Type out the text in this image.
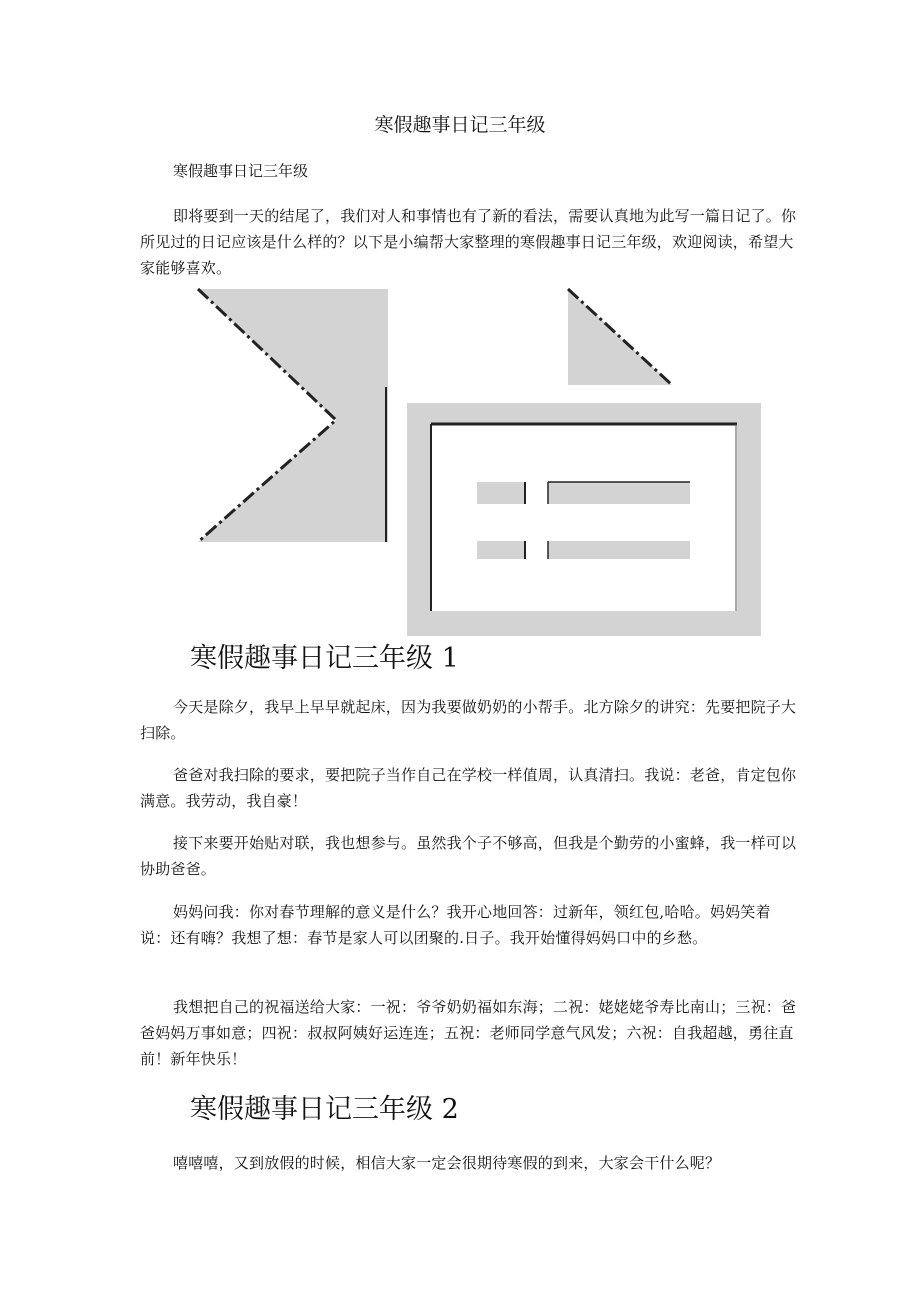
寒假趣事日记三年级
寒假趣事日记三年级

即将要到一天的结尾了，我们对人和事情也有了新的看法，需要认真地为此写一篇日记了。你所见过的日记应该是什么样的？以下是小编帮大家整理的寒假趣事日记三年级，欢迎阅读，希望大家能够喜欢。

寒假趣事日记三年级 1

今天是除夕，我早上早早就起床，因为我要做奶奶的小帮手。北方除夕的讲究：先要把院子大扫除。

爸爸对我扫除的要求，要把院子当作自己在学校一样值周，认真清扫。我说：老爸，肯定包你满意。我劳动，我自豪！

接下来要开始贴对联，我也想参与。虽然我个子不够高，但我是个勤劳的小蜜蜂，我一样可以协助爸爸。

妈妈问我：你对春节理解的意义是什么？我开心地回答：过新年，领红包,哈哈。妈妈笑着说：还有嗨？我想了想：春节是家人可以团聚的.日子。我开始懂得妈妈口中的乡愁。

我想把自己的祝福送给大家：一祝：爷爷奶奶福如东海；二祝：姥姥姥爷寿比南山；三祝：爸爸妈妈万事如意；四祝：叔叔阿姨好运连连；五祝：老师同学意气风发；六祝：自我超越，勇往直前！新年快乐！

寒假趣事日记三年级 2

嘻嘻嘻，又到放假的时候，相信大家一定会很期待寒假的到来，大家会干什么呢？
